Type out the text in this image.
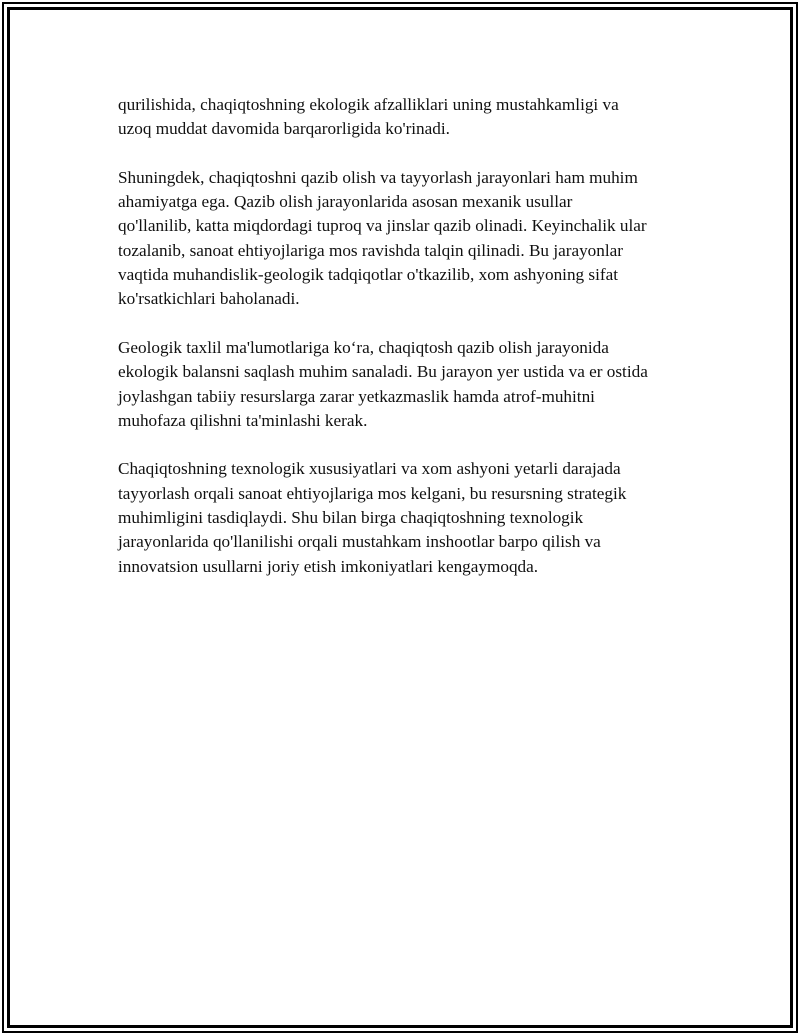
qurilishida, chaqiqtoshning ekologik afzalliklari uning mustahkamligi va
uzoq muddat davomida barqarorligida ko'rinadi.

Shuningdek, chaqiqtoshni qazib olish va tayyorlash jarayonlari ham muhim
ahamiyatga ega. Qazib olish jarayonlarida asosan mexanik usullar
qo'llanilib, katta miqdordagi tuproq va jinslar qazib olinadi. Keyinchalik ular
tozalanib, sanoat ehtiyojlariga mos ravishda talqin qilinadi. Bu jarayonlar
vaqtida muhandislik-geologik tadqiqotlar o'tkazilib, xom ashyoning sifat
ko'rsatkichlari baholanadi.

Geologik taxlil ma'lumotlariga ko‘ra, chaqiqtosh qazib olish jarayonida
ekologik balansni saqlash muhim sanaladi. Bu jarayon yer ustida va er ostida
joylashgan tabiiy resurslarga zarar yetkazmaslik hamda atrof-muhitni
muhofaza qilishni ta'minlashi kerak.

Chaqiqtoshning texnologik xususiyatlari va xom ashyoni yetarli darajada
tayyorlash orqali sanoat ehtiyojlariga mos kelgani, bu resursning strategik
muhimligini tasdiqlaydi. Shu bilan birga chaqiqtoshning texnologik
jarayonlarida qo'llanilishi orqali mustahkam inshootlar barpo qilish va
innovatsion usullarni joriy etish imkoniyatlari kengaymoqda.
